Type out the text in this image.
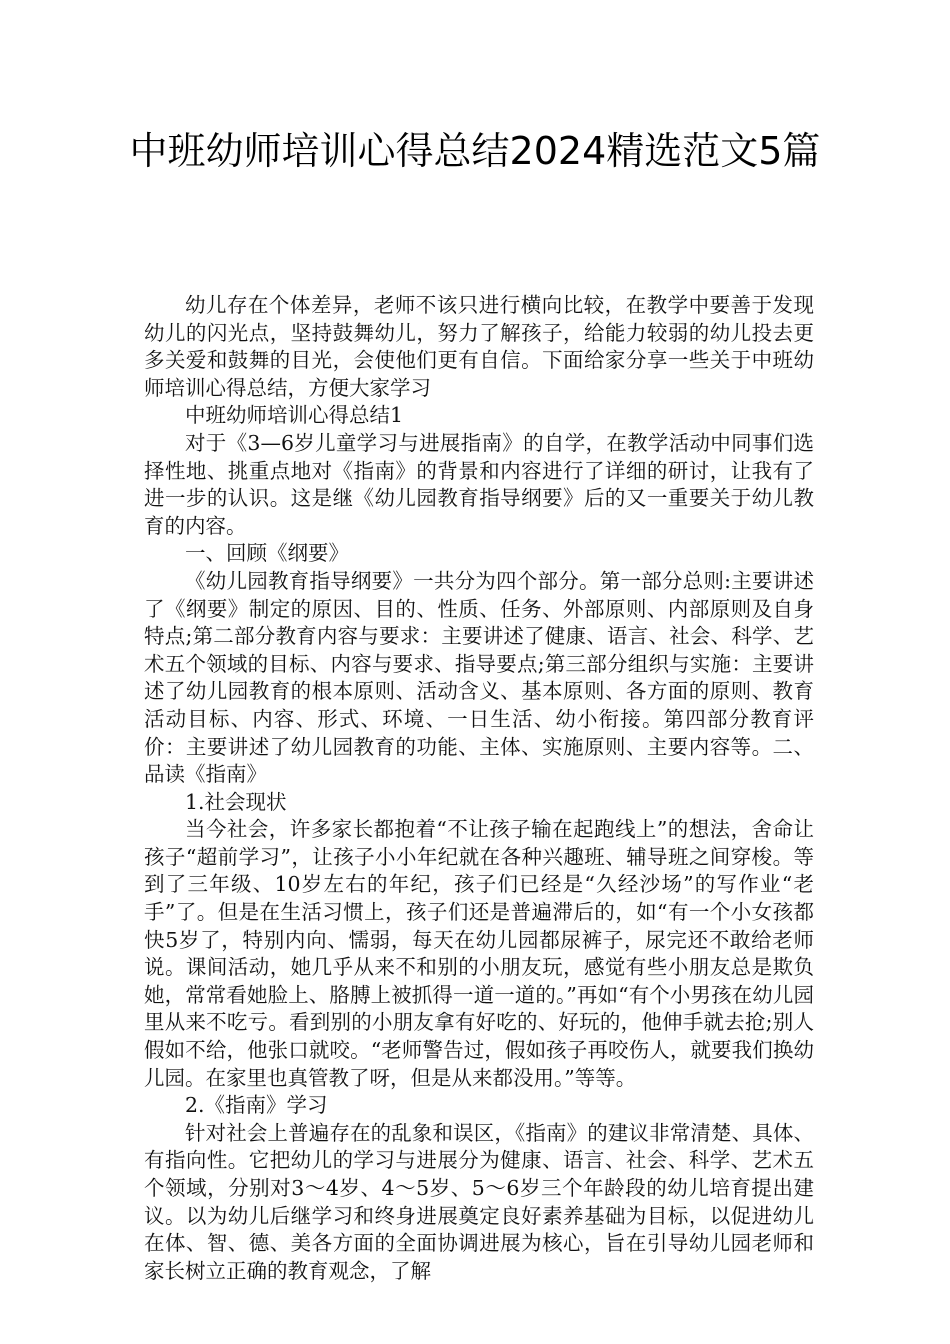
中班幼师培训心得总结2024精选范文5篇

幼儿存在个体差异，老师不该只进行横向比较，在教学中要善于发现幼儿的闪光点，坚持鼓舞幼儿，努力了解孩子，给能力较弱的幼儿投去更多关爱和鼓舞的目光，会使他们更有自信。下面给家分享一些关于中班幼师培训心得总结，方便大家学习

中班幼师培训心得总结1

对于《3—6岁儿童学习与进展指南》的自学，在教学活动中同事们选择性地、挑重点地对《指南》的背景和内容进行了详细的研讨，让我有了进一步的认识。这是继《幼儿园教育指导纲要》后的又一重要关于幼儿教育的内容。

一、回顾《纲要》

《幼儿园教育指导纲要》一共分为四个部分。第一部分总则:主要讲述了《纲要》制定的原因、目的、性质、任务、外部原则、内部原则及自身特点;第二部分教育内容与要求：主要讲述了健康、语言、社会、科学、艺术五个领域的目标、内容与要求、指导要点;第三部分组织与实施：主要讲述了幼儿园教育的根本原则、活动含义、基本原则、各方面的原则、教育活动目标、内容、形式、环境、一日生活、幼小衔接。第四部分教育评价：主要讲述了幼儿园教育的功能、主体、实施原则、主要内容等。二、品读《指南》

1.社会现状

当今社会，许多家长都抱着“不让孩子输在起跑线上”的想法，舍命让孩子“超前学习”，让孩子小小年纪就在各种兴趣班、辅导班之间穿梭。等到了三年级、10岁左右的年纪，孩子们已经是“久经沙场”的写作业“老手”了。但是在生活习惯上，孩子们还是普遍滞后的，如“有一个小女孩都快5岁了，特别内向、懦弱，每天在幼儿园都尿裤子，尿完还不敢给老师说。课间活动，她几乎从来不和别的小朋友玩，感觉有些小朋友总是欺负她，常常看她脸上、胳膊上被抓得一道一道的。”再如“有个小男孩在幼儿园里从来不吃亏。看到别的小朋友拿有好吃的、好玩的，他伸手就去抢;别人假如不给，他张口就咬。“老师警告过，假如孩子再咬伤人，就要我们换幼儿园。在家里也真管教了呀，但是从来都没用。”等等。

2.《指南》学习

针对社会上普遍存在的乱象和误区，《指南》的建议非常清楚、具体、有指向性。它把幼儿的学习与进展分为健康、语言、社会、科学、艺术五个领域，分别对3～4岁、4～5岁、5～6岁三个年龄段的幼儿培育提出建议。以为幼儿后继学习和终身进展奠定良好素养基础为目标，以促进幼儿在体、智、德、美各方面的全面协调进展为核心，旨在引导幼儿园老师和家长树立正确的教育观念，了解
